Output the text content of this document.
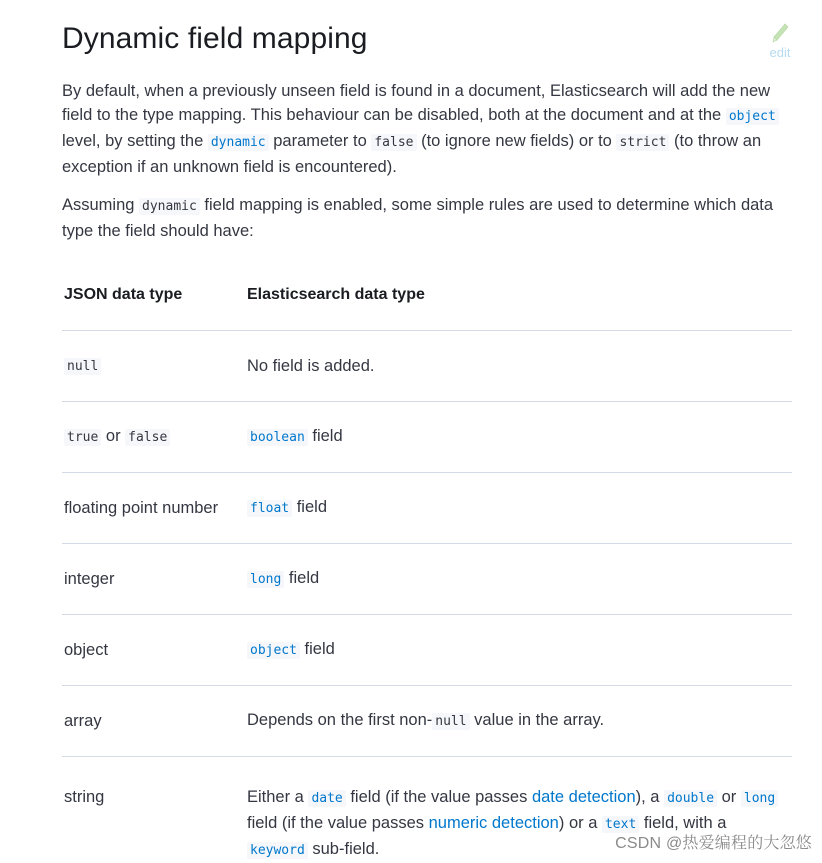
Dynamic field mapping	edit

By default, when a previously unseen field is found in a document, Elasticsearch will add the new field to the type mapping. This behaviour can be disabled, both at the document and at the object level, by setting the dynamic parameter to false (to ignore new fields) or to strict (to throw an exception if an unknown field is encountered).

Assuming dynamic field mapping is enabled, some simple rules are used to determine which data type the field should have:

JSON data type	Elasticsearch data type
null	No field is added.
true or false	boolean field
floating point number	float field
integer	long field
object	object field
array	Depends on the first non- null value in the array.
string	Either a date field (if the value passes date detection), a double or long field (if the value passes numeric detection) or a text field, with a keyword sub-field.	CSDN @热爱编程的大忽悠
